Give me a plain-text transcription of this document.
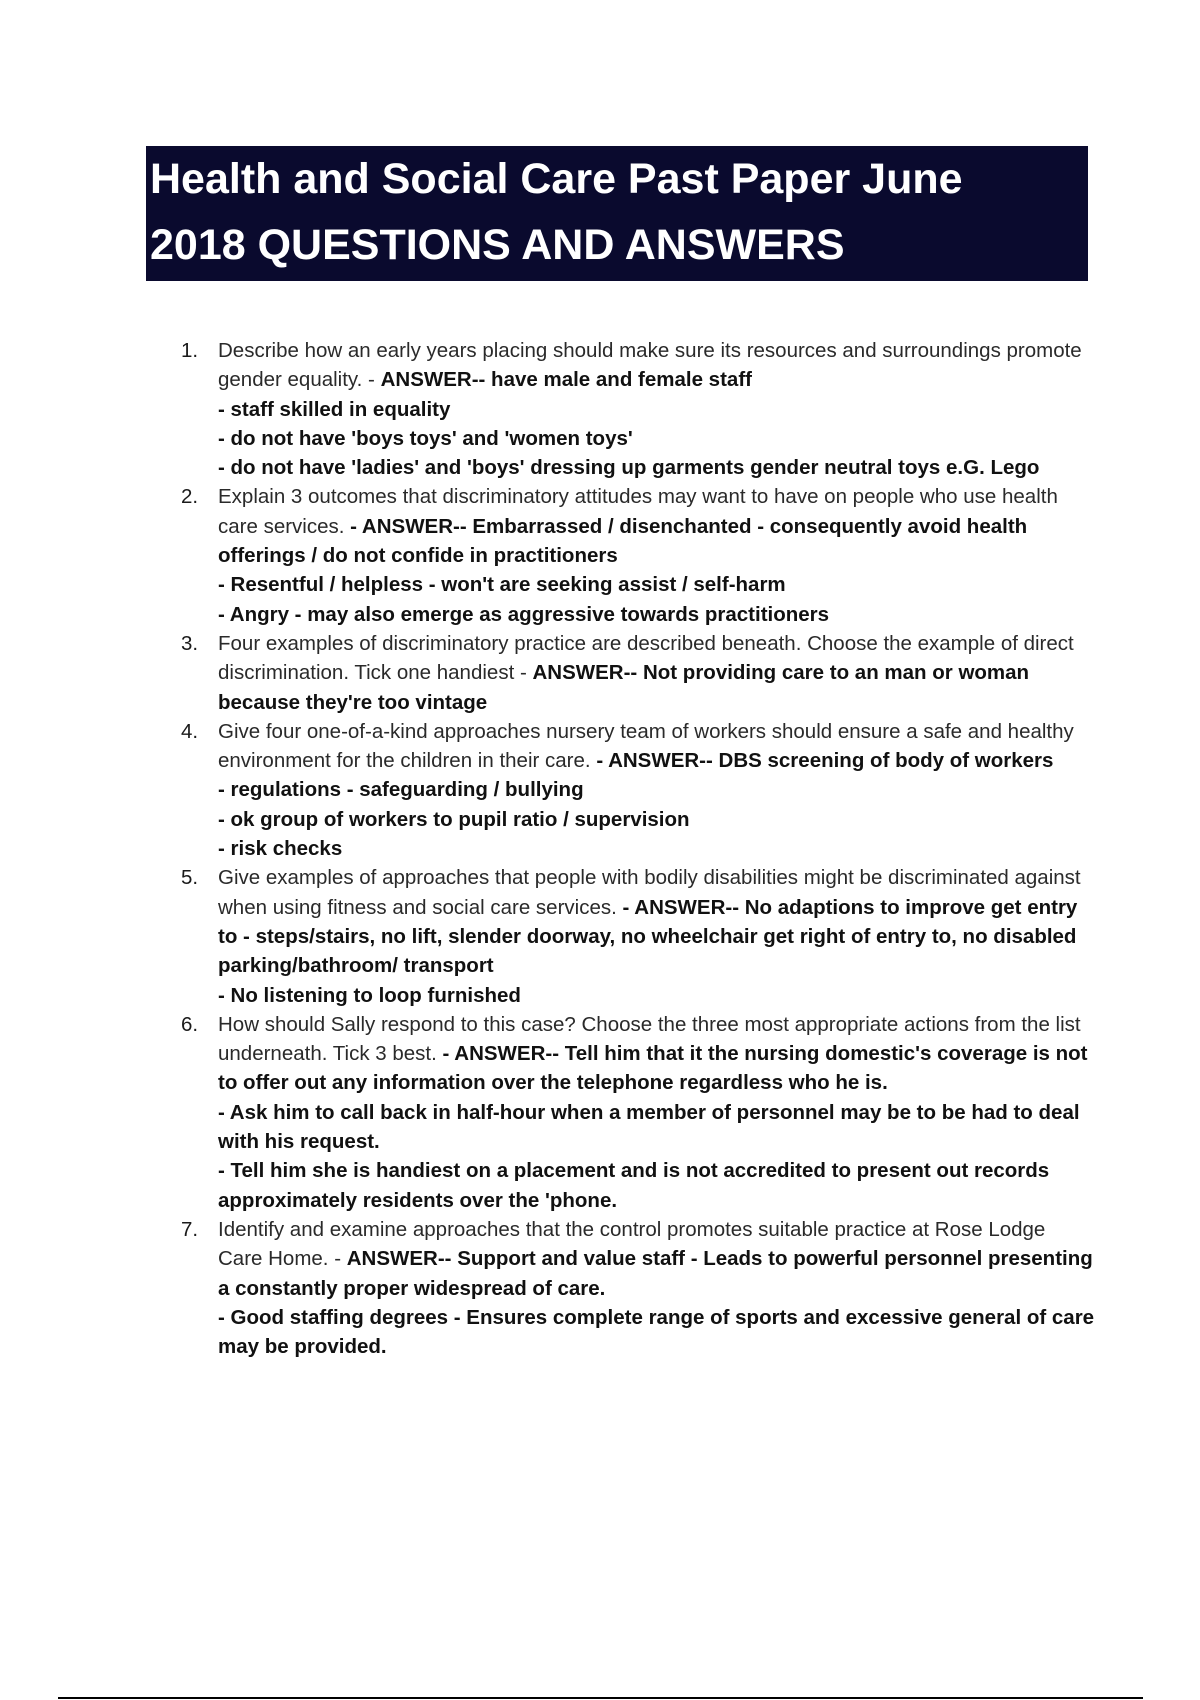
Health and Social Care Past Paper June
2018 QUESTIONS AND ANSWERS
1. Describe how an early years placing should make sure its resources and surroundings promote gender equality. - ANSWER-- have male and female staff
- staff skilled in equality
- do not have 'boys toys' and 'women toys'
- do not have 'ladies' and 'boys' dressing up garments gender neutral toys e.G. Lego
2. Explain 3 outcomes that discriminatory attitudes may want to have on people who use health care services. - ANSWER-- Embarrassed / disenchanted - consequently avoid health offerings / do not confide in practitioners
- Resentful / helpless - won't are seeking assist / self-harm
- Angry - may also emerge as aggressive towards practitioners
3. Four examples of discriminatory practice are described beneath. Choose the example of direct discrimination. Tick one handiest - ANSWER-- Not providing care to an man or woman because they're too vintage
4. Give four one-of-a-kind approaches nursery team of workers should ensure a safe and healthy environment for the children in their care. - ANSWER-- DBS screening of body of workers
- regulations - safeguarding / bullying
- ok group of workers to pupil ratio / supervision
- risk checks
5. Give examples of approaches that people with bodily disabilities might be discriminated against when using fitness and social care services. - ANSWER-- No adaptions to improve get entry to - steps/stairs, no lift, slender doorway, no wheelchair get right of entry to, no disabled parking/bathroom/ transport
- No listening to loop furnished
6. How should Sally respond to this case? Choose the three most appropriate actions from the list underneath. Tick 3 best. - ANSWER-- Tell him that it the nursing domestic's coverage is not to offer out any information over the telephone regardless who he is.
- Ask him to call back in half-hour when a member of personnel may be to be had to deal with his request.
- Tell him she is handiest on a placement and is not accredited to present out records approximately residents over the 'phone.
7. Identify and examine approaches that the control promotes suitable practice at Rose Lodge Care Home. - ANSWER-- Support and value staff - Leads to powerful personnel presenting a constantly proper widespread of care.
- Good staffing degrees - Ensures complete range of sports and excessive general of care may be provided.
